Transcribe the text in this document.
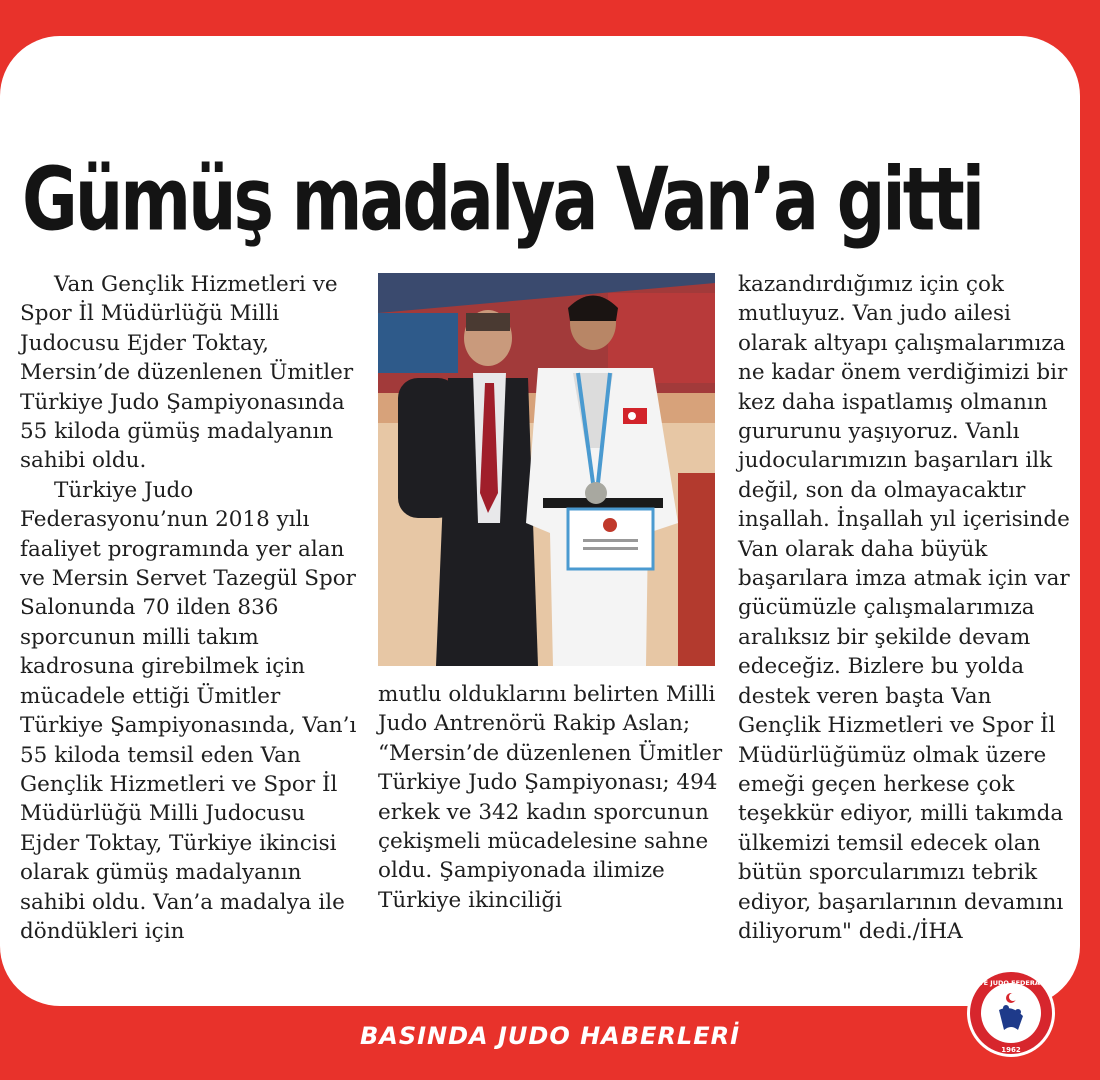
Gümüş madalya Van’a gitti

Van Gençlik Hizmetleri ve Spor İl Müdürlüğü Milli Judocusu Ejder Toktay, Mersin’de düzenlenen Ümitler Türkiye Judo Şampiyonasında 55 kiloda gümüş madalyanın sahibi oldu.

Türkiye Judo Federasyonu’nun 2018 yılı faaliyet programında yer alan ve Mersin Servet Tazegül Spor Salonunda 70 ilden 836 sporcunun milli takım kadrosuna girebilmek için mücadele ettiği Ümitler Türkiye Şampiyonasında, Van’ı 55 kiloda temsil eden Van Gençlik Hizmetleri ve Spor İl Müdürlüğü Milli Judocusu Ejder Toktay, Türkiye ikincisi olarak gümüş madalyanın sahibi oldu. Van’a madalya ile döndükleri için

mutlu olduklarını belirten Milli Judo Antrenörü Rakip Aslan; “Mersin’de düzenlenen Ümitler Türkiye Judo Şampiyonası; 494 erkek ve 342 kadın sporcunun çekişmeli mücadelesine sahne oldu. Şampiyonada ilimize Türkiye ikinciliği

kazandırdığımız için çok mutluyuz. Van judo ailesi olarak altyapı çalışmalarımıza ne kadar önem verdiğimizi bir kez daha ispatlamış olmanın gururunu yaşıyoruz. Vanlı judocularımızın başarıları ilk değil, son da olmayacaktır inşallah. İnşallah yıl içerisinde Van olarak daha büyük başarılara imza atmak için var gücümüzle çalışmalarımıza aralıksız bir şekilde devam edeceğiz. Bizlere bu yolda destek veren başta Van Gençlik Hizmetleri ve Spor İl Müdürlüğümüz olmak üzere emeği geçen herkese çok teşekkür ediyor, milli takımda ülkemizi temsil edecek olan bütün sporcularımızı tebrik ediyor, başarılarının devamını diliyorum" dedi./İHA

BASINDA JUDO HABERLERİ
TÜRKİYE JUDO FEDERASYONU
1962
